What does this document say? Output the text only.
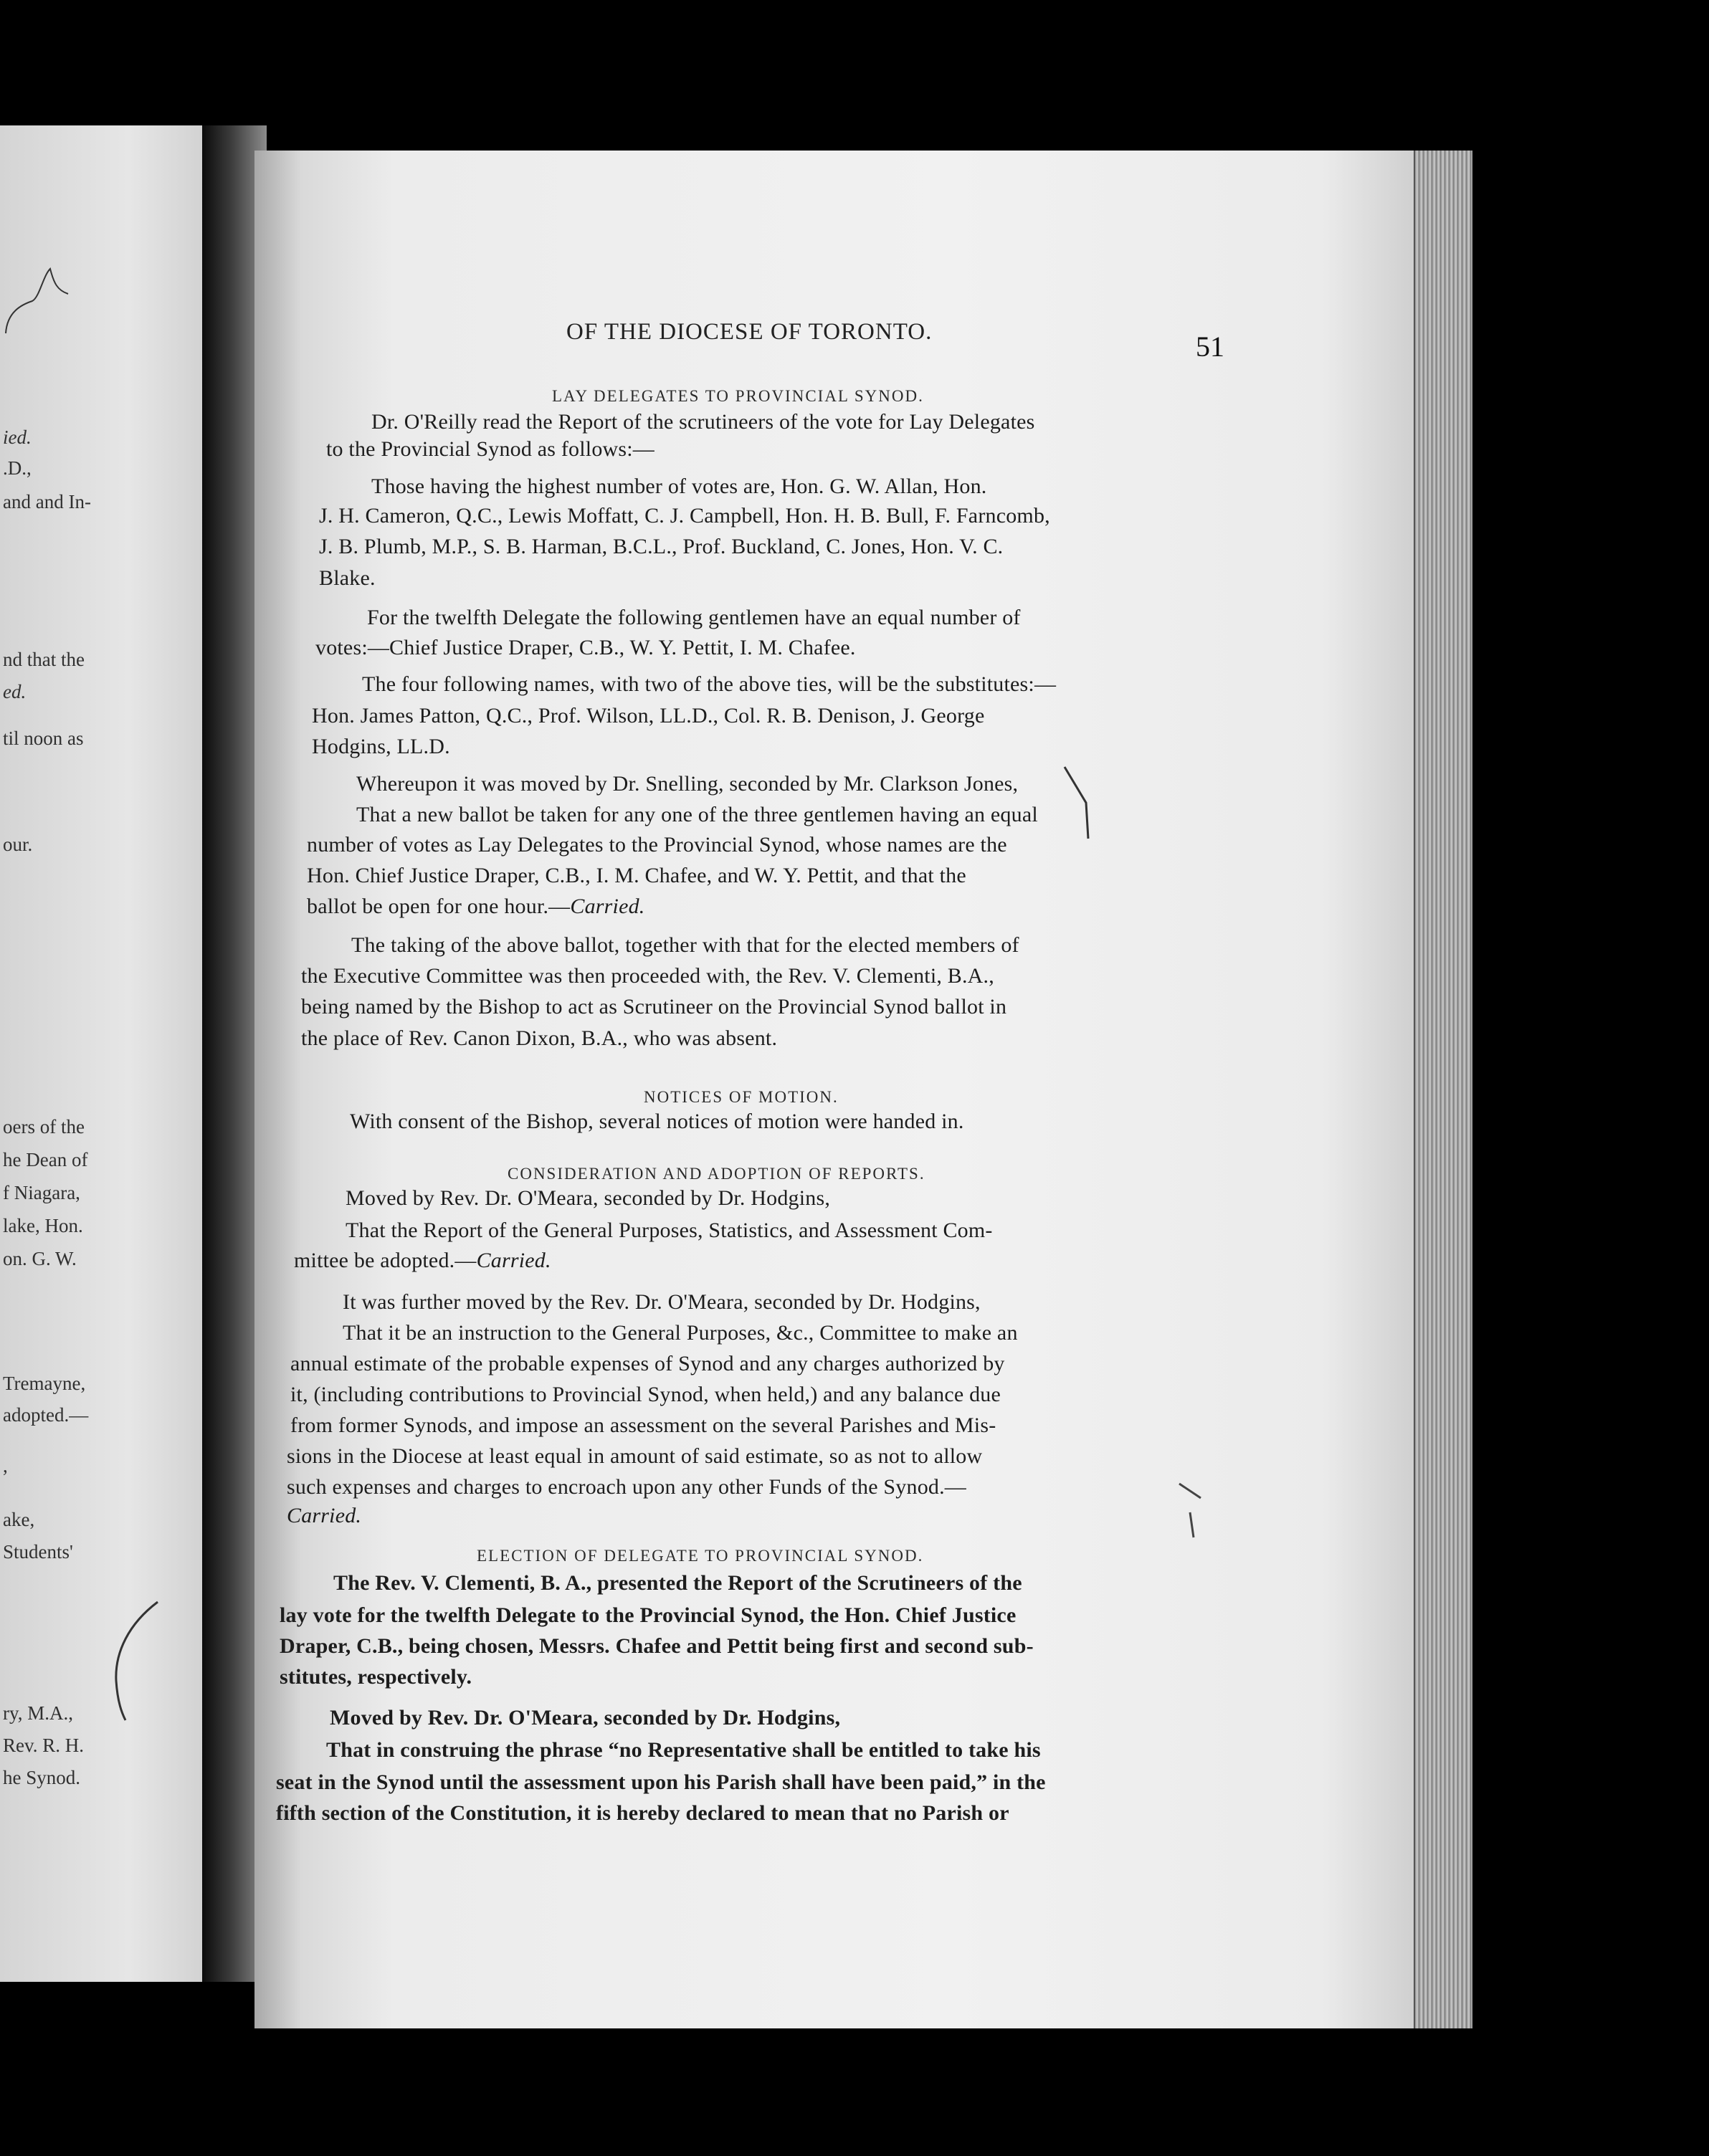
ied.
.D.,
and and In-
nd that the
ed.
til noon as
our.
oers of the
he Dean of
f Niagara,
lake, Hon.
on. G. W.
Tremayne,
adopted.—
,
ake,
Students'
ry, M.A.,
Rev. R. H.
he Synod.
OF THE DIOCESE OF TORONTO.	51
LAY DELEGATES TO PROVINCIAL SYNOD.
Dr. O'Reilly read the Report of the scrutineers of the vote for Lay Delegates
to the Provincial Synod as follows:—
Those having the highest number of votes are, Hon. G. W. Allan, Hon.
J. H. Cameron, Q.C., Lewis Moffatt, C. J. Campbell, Hon. H. B. Bull, F. Farncomb,
J. B. Plumb, M.P., S. B. Harman, B.C.L., Prof. Buckland, C. Jones, Hon. V. C.
Blake.
For the twelfth Delegate the following gentlemen have an equal number of
votes:—Chief Justice Draper, C.B., W. Y. Pettit, I. M. Chafee.
The four following names, with two of the above ties, will be the substitutes:—
Hon. James Patton, Q.C., Prof. Wilson, LL.D., Col. R. B. Denison, J. George
Hodgins, LL.D.
Whereupon it was moved by Dr. Snelling, seconded by Mr. Clarkson Jones,
That a new ballot be taken for any one of the three gentlemen having an equal
number of votes as Lay Delegates to the Provincial Synod, whose names are the
Hon. Chief Justice Draper, C.B., I. M. Chafee, and W. Y. Pettit, and that the
ballot be open for one hour.—Carried.
The taking of the above ballot, together with that for the elected members of
the Executive Committee was then proceeded with, the Rev. V. Clementi, B.A.,
being named by the Bishop to act as Scrutineer on the Provincial Synod ballot in
the place of Rev. Canon Dixon, B.A., who was absent.
NOTICES OF MOTION.
With consent of the Bishop, several notices of motion were handed in.
CONSIDERATION AND ADOPTION OF REPORTS.
Moved by Rev. Dr. O'Meara, seconded by Dr. Hodgins,
That the Report of the General Purposes, Statistics, and Assessment Com-
mittee be adopted.—Carried.
It was further moved by the Rev. Dr. O'Meara, seconded by Dr. Hodgins,
That it be an instruction to the General Purposes, &c., Committee to make an
annual estimate of the probable expenses of Synod and any charges authorized by
it, (including contributions to Provincial Synod, when held,) and any balance due
from former Synods, and impose an assessment on the several Parishes and Mis-
sions in the Diocese at least equal in amount of said estimate, so as not to allow
such expenses and charges to encroach upon any other Funds of the Synod.—
Carried.
ELECTION OF DELEGATE TO PROVINCIAL SYNOD.
The Rev. V. Clementi, B. A., presented the Report of the Scrutineers of the
lay vote for the twelfth Delegate to the Provincial Synod, the Hon. Chief Justice
Draper, C.B., being chosen, Messrs. Chafee and Pettit being first and second sub-
stitutes, respectively.
Moved by Rev. Dr. O'Meara, seconded by Dr. Hodgins,
That in construing the phrase “no Representative shall be entitled to take his
seat in the Synod until the assessment upon his Parish shall have been paid,” in the
fifth section of the Constitution, it is hereby declared to mean that no Parish or
